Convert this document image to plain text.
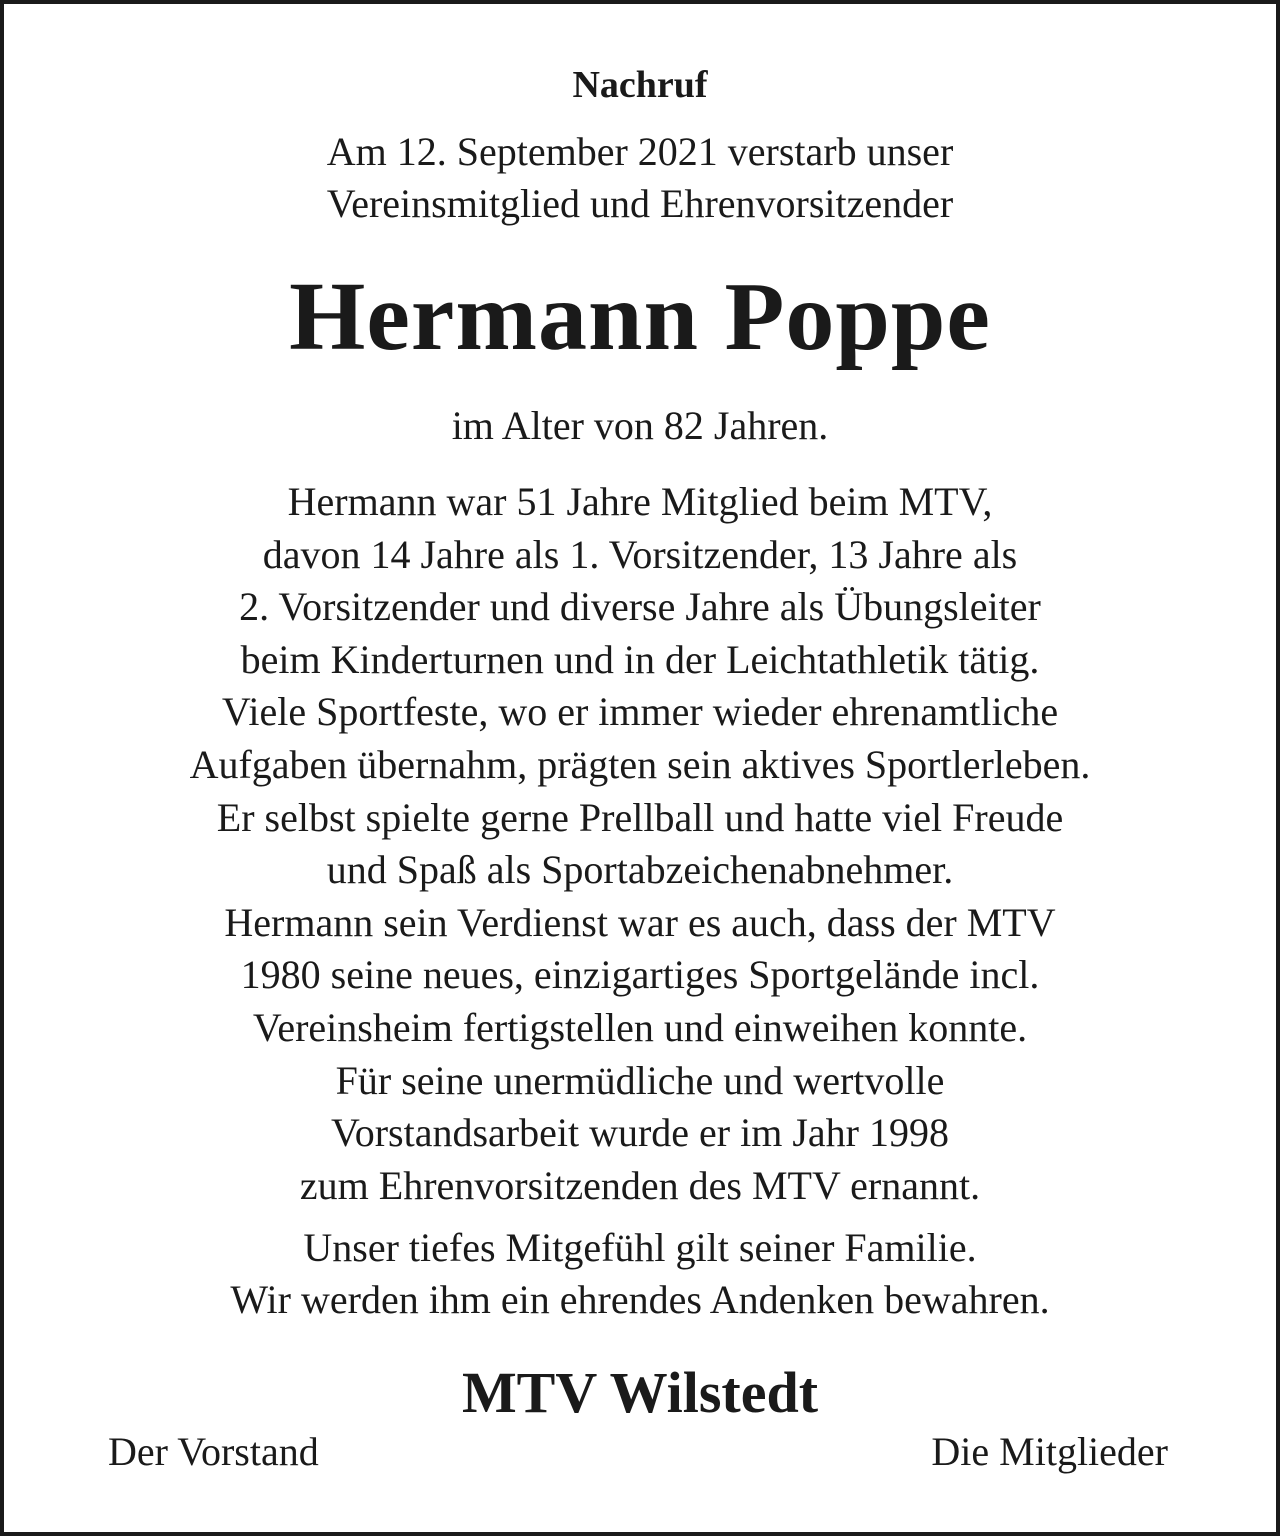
Nachruf
Am 12. September 2021 verstarb unser
Vereinsmitglied und Ehrenvorsitzender
Hermann Poppe
im Alter von 82 Jahren.
Hermann war 51 Jahre Mitglied beim MTV,
davon 14 Jahre als 1. Vorsitzender, 13 Jahre als
2. Vorsitzender und diverse Jahre als Übungsleiter
beim Kinderturnen und in der Leichtathletik tätig.
Viele Sportfeste, wo er immer wieder ehrenamtliche
Aufgaben übernahm, prägten sein aktives Sportlerleben.
Er selbst spielte gerne Prellball und hatte viel Freude
und Spaß als Sportabzeichenabnehmer.
Hermann sein Verdienst war es auch, dass der MTV
1980 seine neues, einzigartiges Sportgelände incl.
Vereinsheim fertigstellen und einweihen konnte.
Für seine unermüdliche und wertvolle
Vorstandsarbeit wurde er im Jahr 1998
zum Ehrenvorsitzenden des MTV ernannt.
Unser tiefes Mitgefühl gilt seiner Familie.
Wir werden ihm ein ehrendes Andenken bewahren.
MTV Wilstedt
Der Vorstand	Die Mitglieder
